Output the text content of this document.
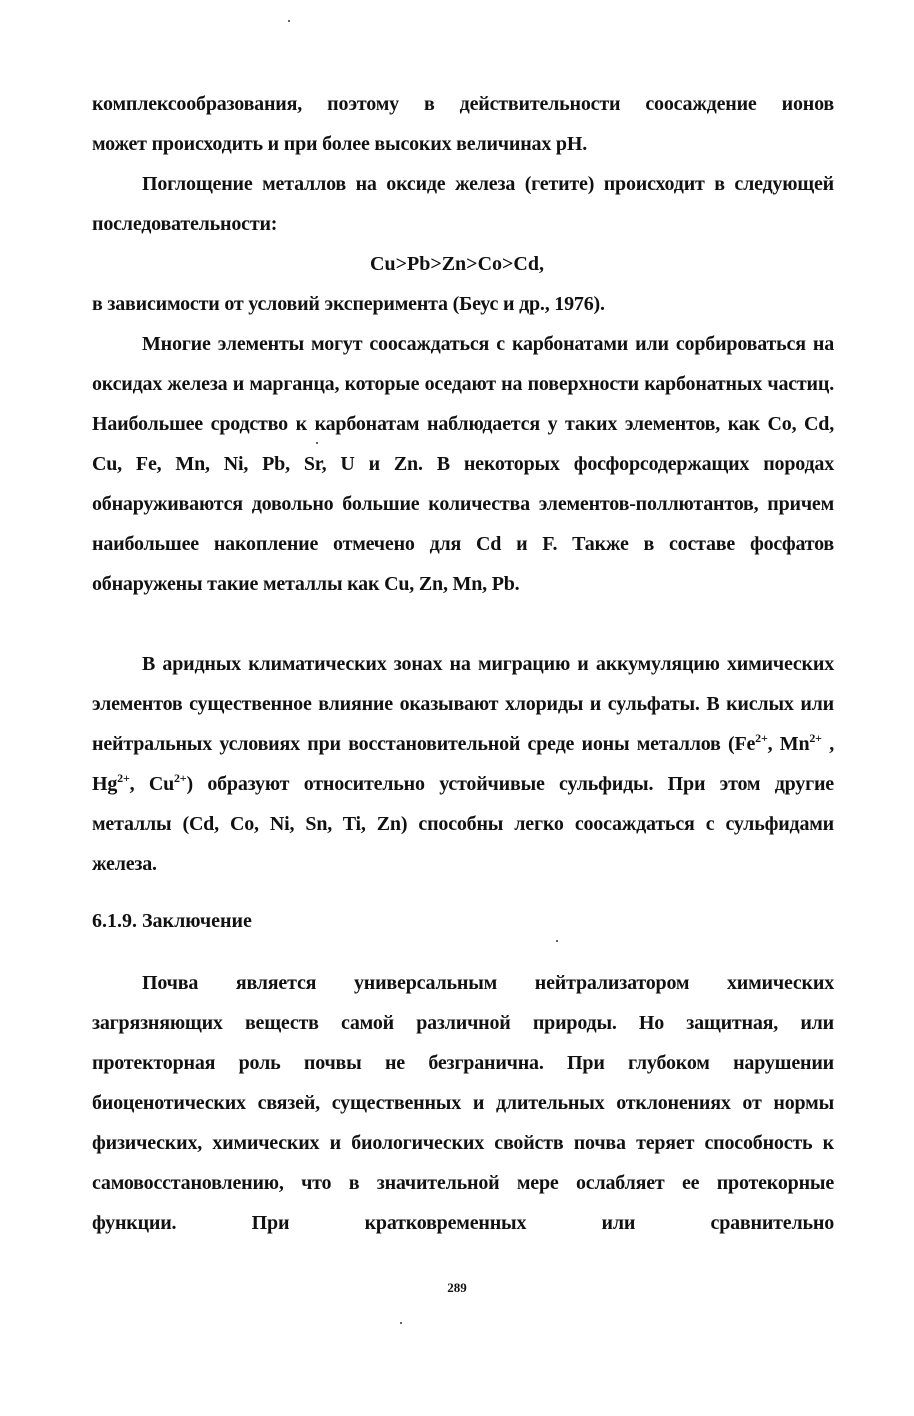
комплексообразования, поэтому в действительности соосаждение ионов
может происходить и при более высоких величинах pH.
Поглощение металлов на оксиде железа (гетите) происходит в следующей последовательности:
Cu>Pb>Zn>Co>Cd,
в зависимости от условий эксперимента (Беус и др., 1976).
Многие элементы могут соосаждаться с карбонатами или сорбироваться на оксидах железа и марганца, которые оседают на поверхности карбонатных частиц. Наибольшее сродство к карбонатам наблюдается у таких элементов, как Co, Cd, Cu, Fe, Mn, Ni, Pb, Sr, U и Zn. В некоторых фосфорсодержащих породах обнаруживаются довольно большие количества элементов-поллютантов, причем наибольшее накопление отмечено для Cd и F. Также в составе фосфатов обнаружены такие металлы как Cu, Zn, Mn, Pb.
В аридных климатических зонах на миграцию и аккумуляцию химических элементов существенное влияние оказывают хлориды и сульфаты. В кислых или нейтральных условиях при восстановительной среде ионы металлов ($Fe^{2+}$, $Mn^{2+}$ , $Hg^{2+}$, $Cu^{2+}$) образуют относительно устойчивые сульфиды. При этом другие металлы (Cd, Co, Ni, Sn, Ti, Zn) способны легко соосаждаться с сульфидами железа.
6.1.9. Заключение
Почва является универсальным нейтрализатором химических загрязняющих веществ самой различной природы. Но защитная, или протекторная роль почвы не безгранична. При глубоком нарушении биоценотических связей, существенных и длительных отклонениях от нормы физических, химических и биологических свойств почва теряет способность к самовосстановлению, что в значительной мере ослабляет ее протекорные функции. При кратковременных или сравнительно
289
